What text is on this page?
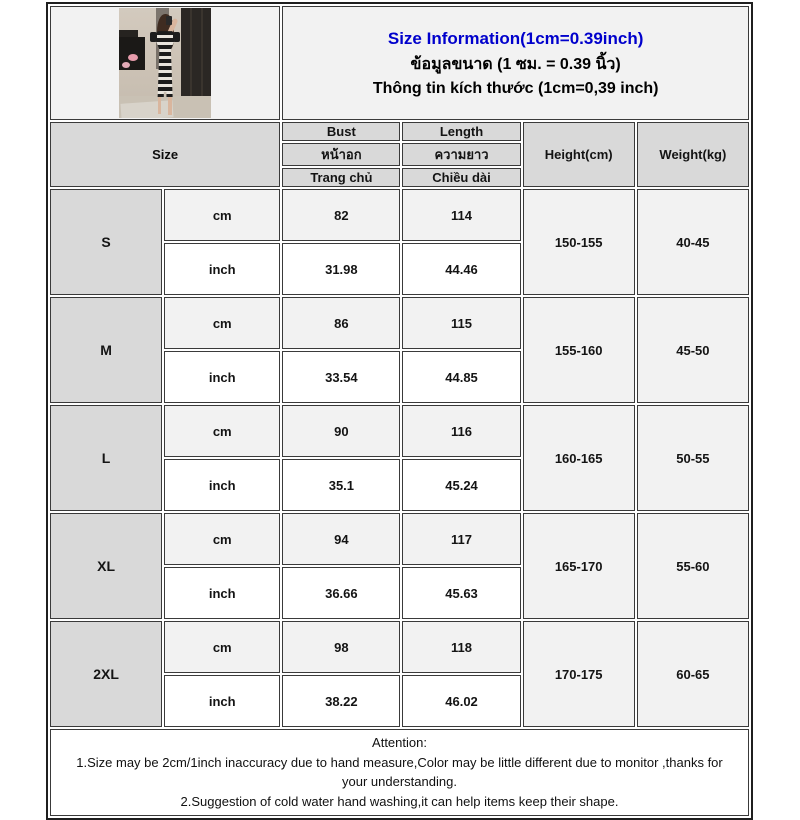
		Size Information(1cm=0.39inch)
ข้อมูลขนาด (1 ซม. = 0.39 นิ้ว)
Thông tin kích thước (1cm=0,39 inch)			

Size		Bust	Length	Height(cm)	Weight(kg)
		หน้าอก	ความยาว		
		Trang chủ	Chiều dài		
S	cm	82	114	150-155	40-45
	inch	31.98	44.46		
M	cm	86	115	155-160	45-50
	inch	33.54	44.85		
L	cm	90	116	160-165	50-55
	inch	35.1	45.24		
XL	cm	94	117	165-170	55-60
	inch	36.66	45.63		
2XL	cm	98	118	170-175	60-65
	inch	38.22	46.02		

Attention:
1.Size may be 2cm/1inch inaccuracy due to hand measure,Color may be little different due to monitor ,thanks for your understanding.
2.Suggestion of cold water hand washing,it can help items keep their shape.					
